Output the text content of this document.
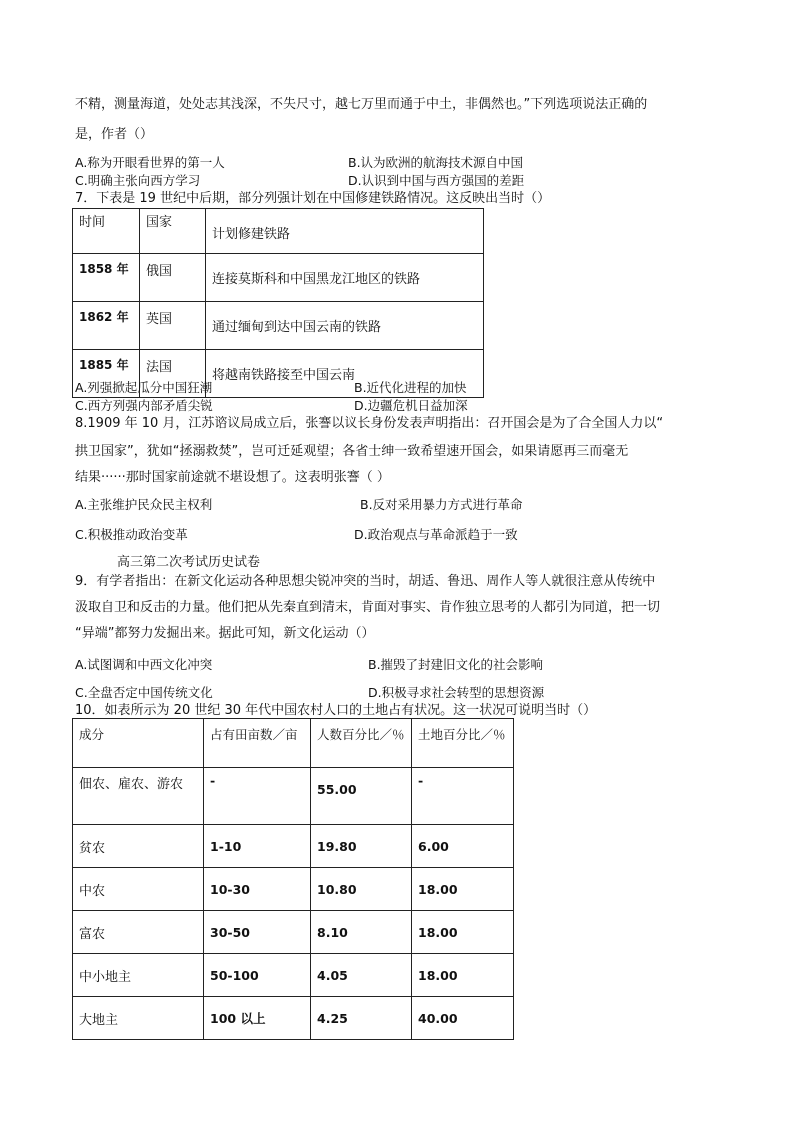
不精，测量海道，处处志其浅深，不失尺寸，越七万里而通于中土，非偶然也。”下列选项说法正确的
是，作者（）
A.称为开眼看世界的第一人	B.认为欧洲的航海技术源自中国
C.明确主张向西方学习	D.认识到中国与西方强国的差距
7．下表是 19 世纪中后期，部分列强计划在中国修建铁路情况。这反映出当时（）
时间	国家	计划修建铁路
1858 年	俄国	连接莫斯科和中国黑龙江地区的铁路
1862 年	英国	通过缅甸到达中国云南的铁路
1885 年	法国	将越南铁路接至中国云南
A.列强掀起瓜分中国狂潮	B.近代化进程的加快
C.西方列强内部矛盾尖锐	D.边疆危机日益加深
8.1909 年 10 月，江苏谘议局成立后，张謇以议长身份发表声明指出：召开国会是为了合全国人力以“
拱卫国家”，犹如“拯溺救焚”，岂可迁延观望；各省士绅一致希望速开国会，如果请愿再三而毫无
结果······那时国家前途就不堪设想了。这表明张謇（ ）
A.主张维护民众民主权利	B.反对采用暴力方式进行革命
C.积极推动政治变革	D.政治观点与革命派趋于一致
高三第二次考试历史试卷
9．有学者指出：在新文化运动各种思想尖锐冲突的当时，胡适、鲁迅、周作人等人就很注意从传统中
汲取自卫和反击的力量。他们把从先秦直到清末，肯面对事实、肯作独立思考的人都引为同道，把一切
“异端”都努力发掘出来。据此可知，新文化运动（）
A.试图调和中西文化冲突	B.摧毁了封建旧文化的社会影响
C.全盘否定中国传统文化	D.积极寻求社会转型的思想资源
10．如表所示为 20 世纪 30 年代中国农村人口的土地占有状况。这一状况可说明当时（）
成分	占有田亩数／亩	人数百分比／％	土地百分比／％
佃农、雇农、游农	-	55.00	-
贫农	1-10	19.80	6.00
中农	10-30	10.80	18.00
富农	30-50	8.10	18.00
中小地主	50-100	4.05	18.00
大地主	100 以上	4.25	40.00
